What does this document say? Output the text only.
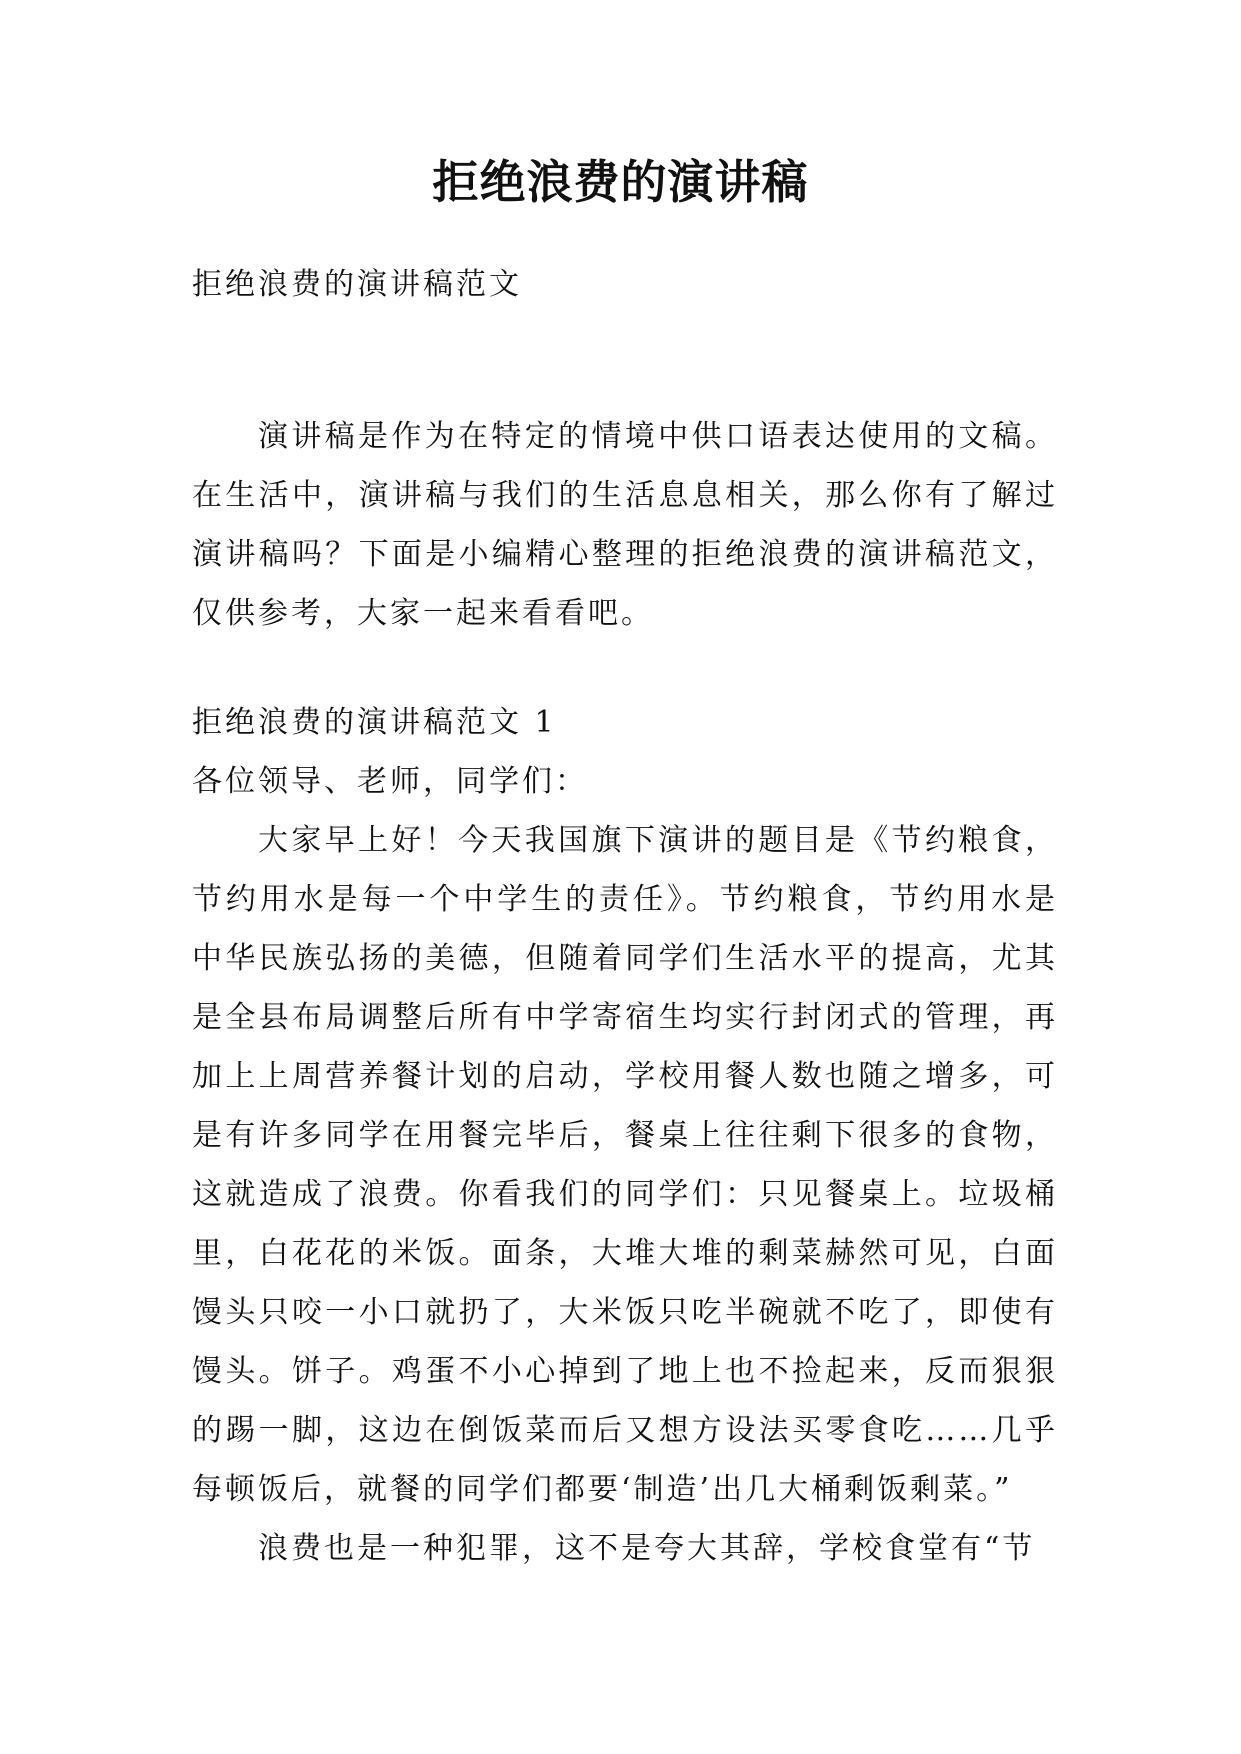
拒绝浪费的演讲稿
拒绝浪费的演讲稿范文

演讲稿是作为在特定的情境中供口语表达使用的文稿。在生活中，演讲稿与我们的生活息息相关，那么你有了解过演讲稿吗？下面是小编精心整理的拒绝浪费的演讲稿范文，仅供参考，大家一起来看看吧。

拒绝浪费的演讲稿范文 1

各位领导、老师，同学们：

大家早上好！今天我国旗下演讲的题目是《节约粮食，节约用水是每一个中学生的责任》。节约粮食，节约用水是中华民族弘扬的美德，但随着同学们生活水平的提高，尤其是全县布局调整后所有中学寄宿生均实行封闭式的管理，再加上上周营养餐计划的启动，学校用餐人数也随之增多，可是有许多同学在用餐完毕后，餐桌上往往剩下很多的食物，这就造成了浪费。你看我们的同学们：只见餐桌上。垃圾桶里，白花花的米饭。面条，大堆大堆的剩菜赫然可见，白面馒头只咬一小口就扔了，大米饭只吃半碗就不吃了，即使有馒头。饼子。鸡蛋不小心掉到了地上也不捡起来，反而狠狠的踢一脚，这边在倒饭菜而后又想方设法买零食吃……几乎每顿饭后，就餐的同学们都要‘制造’出几大桶剩饭剩菜。”

浪费也是一种犯罪，这不是夸大其辞，学校食堂有“节
